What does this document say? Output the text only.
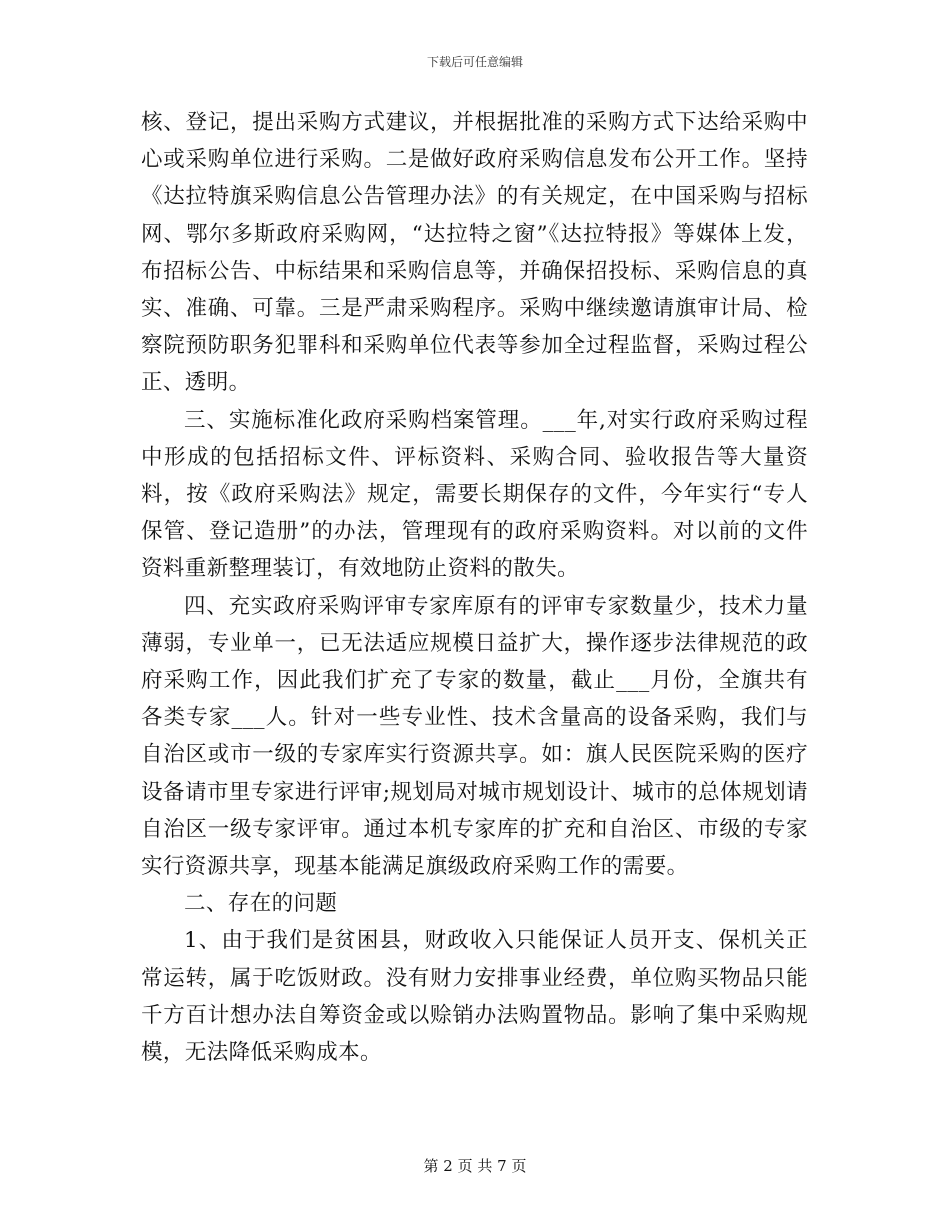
下载后可任意编辑

核、登记，提出采购方式建议，并根据批准的采购方式下达给采购中心或采购单位进行采购。二是做好政府采购信息发布公开工作。坚持《达拉特旗采购信息公告管理办法》的有关规定，在中国采购与招标网、鄂尔多斯政府采购网，“达拉特之窗”《达拉特报》等媒体上发，布招标公告、中标结果和采购信息等，并确保招投标、采购信息的真实、准确、可靠。三是严肃采购程序。采购中继续邀请旗审计局、检察院预防职务犯罪科和采购单位代表等参加全过程监督，采购过程公正、透明。

三、实施标准化政府采购档案管理。___年,对实行政府采购过程中形成的包括招标文件、评标资料、采购合同、验收报告等大量资料，按《政府采购法》规定，需要长期保存的文件，今年实行“专人保管、登记造册”的办法，管理现有的政府采购资料。对以前的文件资料重新整理装订，有效地防止资料的散失。

四、充实政府采购评审专家库原有的评审专家数量少，技术力量薄弱，专业单一，已无法适应规模日益扩大，操作逐步法律规范的政府采购工作，因此我们扩充了专家的数量，截止___月份，全旗共有各类专家___人。针对一些专业性、技术含量高的设备采购，我们与自治区或市一级的专家库实行资源共享。如：旗人民医院采购的医疗设备请市里专家进行评审;规划局对城市规划设计、城市的总体规划请自治区一级专家评审。通过本机专家库的扩充和自治区、市级的专家实行资源共享，现基本能满足旗级政府采购工作的需要。

二、存在的问题

1、由于我们是贫困县，财政收入只能保证人员开支、保机关正常运转，属于吃饭财政。没有财力安排事业经费，单位购买物品只能千方百计想办法自筹资金或以赊销办法购置物品。影响了集中采购规模，无法降低采购成本。

第 2 页 共 7 页
